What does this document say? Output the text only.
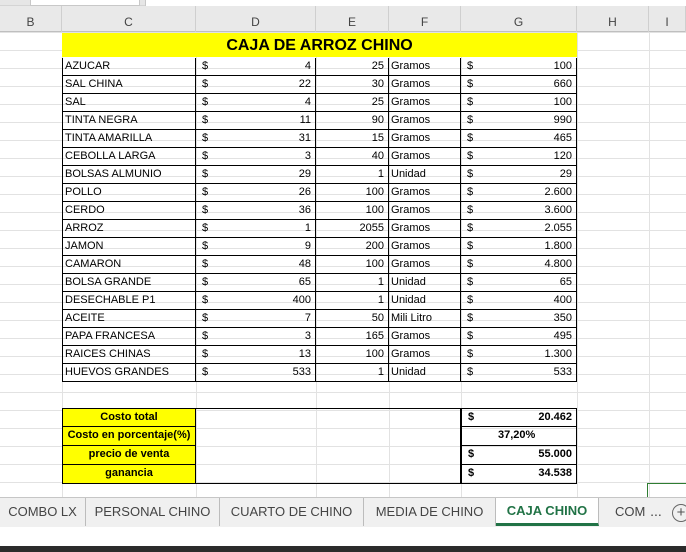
B	C	D	E	F	G	H	I
CAJA DE ARROZ CHINO
AZUCAR	$	4	25 Gramos	$	100
SAL CHINA	$	22	30 Gramos	$	660
SAL	$	4	25 Gramos	$	100
TINTA NEGRA	$	11	90 Gramos	$	990
TINTA AMARILLA	$	31	15 Gramos	$	465
CEBOLLA LARGA	$	3	40 Gramos	$	120
BOLSAS ALMUNIO	$	29	1 Unidad	$	29
POLLO	$	26	100 Gramos	$	2.600
CERDO	$	36	100 Gramos	$	3.600
ARROZ	$	1	2055 Gramos	$	2.055
JAMON	$	9	200 Gramos	$	1.800
CAMARON	$	48	100 Gramos	$	4.800
BOLSA GRANDE	$	65	1 Unidad	$	65
DESECHABLE P1	$	400	1 Unidad	$	400
ACEITE	$	7	50 Mili Litro	$	350
PAPA FRANCESA	$	3	165 Gramos	$	495
RAICES CHINAS	$	13	100 Gramos	$	1.300
HUEVOS GRANDES	$	533	1 Unidad	$	533
Costo total	$	20.462
Costo en porcentaje(%)	37,20%
precio de venta	$	55.000
ganancia	$	34.538
COMBO LX	PERSONAL CHINO	CUARTO DE CHINO	MEDIA DE CHINO	CAJA CHINO	COM ... +
